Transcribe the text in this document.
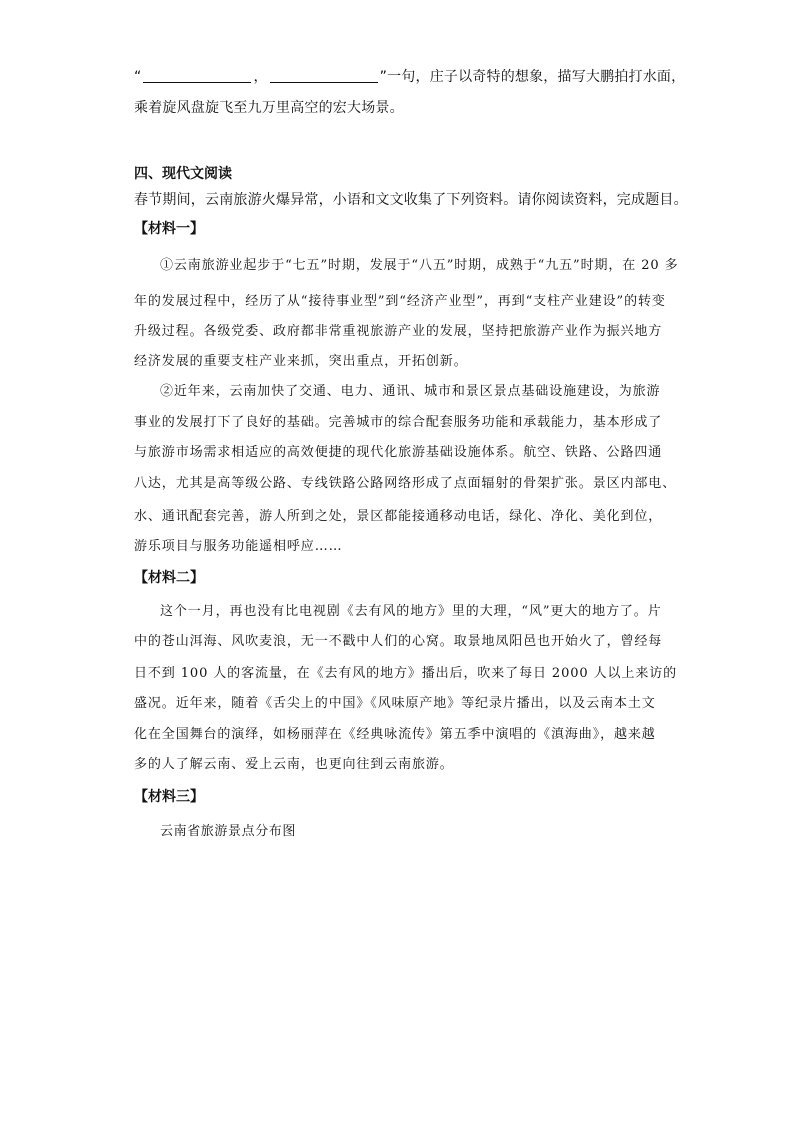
“	，	”一句，庄子以奇特的想象，描写大鹏拍打水面，
乘着旋风盘旋飞至九万里高空的宏大场景。
四、现代文阅读
春节期间，云南旅游火爆异常，小语和文文收集了下列资料。请你阅读资料，完成题目。
【材料一】
①云南旅游业起步于“七五”时期，发展于“八五”时期，成熟于“九五”时期，在 20 多
年的发展过程中，经历了从“接待事业型”到“经济产业型”，再到“支柱产业建设”的转变
升级过程。各级党委、政府都非常重视旅游产业的发展，坚持把旅游产业作为振兴地方
经济发展的重要支柱产业来抓，突出重点，开拓创新。
②近年来，云南加快了交通、电力、通讯、城市和景区景点基础设施建设，为旅游
事业的发展打下了良好的基础。完善城市的综合配套服务功能和承载能力，基本形成了
与旅游市场需求相适应的高效便捷的现代化旅游基础设施体系。航空、铁路、公路四通
八达，尤其是高等级公路、专线铁路公路网络形成了点面辐射的骨架扩张。景区内部电、
水、通讯配套完善，游人所到之处，景区都能接通移动电话，绿化、净化、美化到位，
游乐项目与服务功能遥相呼应……
【材料二】
这个一月，再也没有比电视剧《去有风的地方》里的大理，“风”更大的地方了。片
中的苍山洱海、风吹麦浪，无一不戳中人们的心窝。取景地凤阳邑也开始火了，曾经每
日不到 100 人的客流量，在《去有风的地方》播出后，吹来了每日 2000 人以上来访的
盛况。近年来，随着《舌尖上的中国》《风味原产地》等纪录片播出，以及云南本土文
化在全国舞台的演绎，如杨丽萍在《经典咏流传》第五季中演唱的《滇海曲》，越来越
多的人了解云南、爱上云南，也更向往到云南旅游。
【材料三】
云南省旅游景点分布图
